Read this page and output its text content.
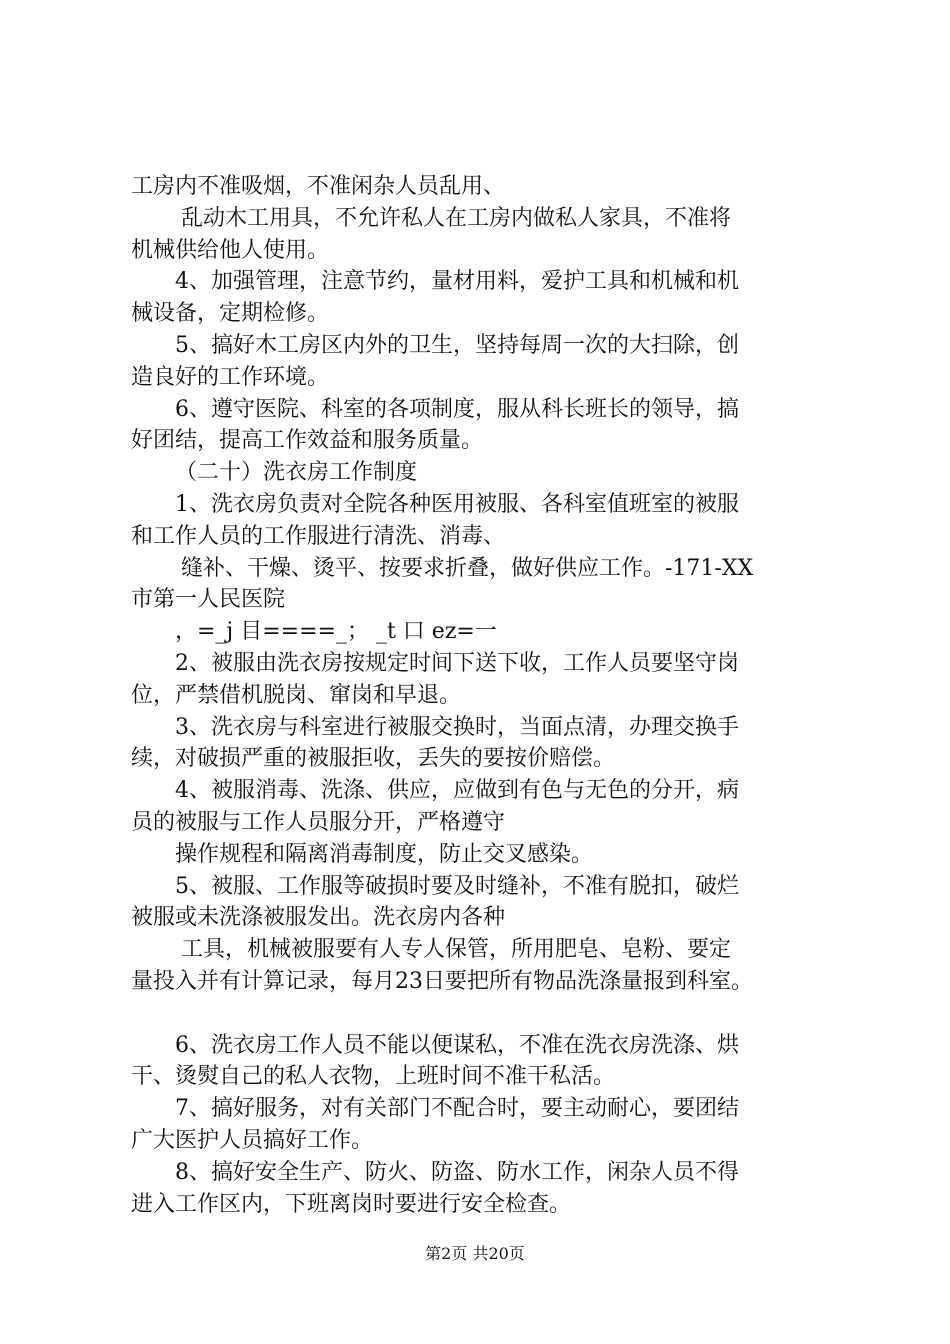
工房内不准吸烟，不准闲杂人员乱用、
乱动木工用具，不允许私人在工房内做私人家具，不准将
机械供给他人使用。
4、加强管理，注意节约，量材用料，爱护工具和机械和机
械设备，定期检修。
5、搞好木工房区内外的卫生，坚持每周一次的大扫除，创
造良好的工作环境。
6、遵守医院、科室的各项制度，服从科长班长的领导，搞
好团结，提高工作效益和服务质量。
（二十）洗衣房工作制度
1、洗衣房负责对全院各种医用被服、各科室值班室的被服
和工作人员的工作服进行清洗、消毒、
缝补、干燥、烫平、按要求折叠，做好供应工作。-171-XX
市第一人民医院
，=_j 目====_； _t 口 ez=一
2、被服由洗衣房按规定时间下送下收，工作人员要坚守岗
位，严禁借机脱岗、窜岗和早退。
3、洗衣房与科室进行被服交换时，当面点清，办理交换手
续，对破损严重的被服拒收，丢失的要按价赔偿。
4、被服消毒、洗涤、供应，应做到有色与无色的分开，病
员的被服与工作人员服分开，严格遵守
操作规程和隔离消毒制度，防止交叉感染。
5、被服、工作服等破损时要及时缝补，不准有脱扣，破烂
被服或未洗涤被服发出。洗衣房内各种
工具，机械被服要有人专人保管，所用肥皂、皂粉、要定
量投入并有计算记录，每月23日要把所有物品洗涤量报到科室。
6、洗衣房工作人员不能以便谋私，不准在洗衣房洗涤、烘
干、烫熨自己的私人衣物，上班时间不准干私活。
7、搞好服务，对有关部门不配合时，要主动耐心，要团结
广大医护人员搞好工作。
8、搞好安全生产、防火、防盗、防水工作，闲杂人员不得
进入工作区内，下班离岗时要进行安全检查。
第2页 共20页
